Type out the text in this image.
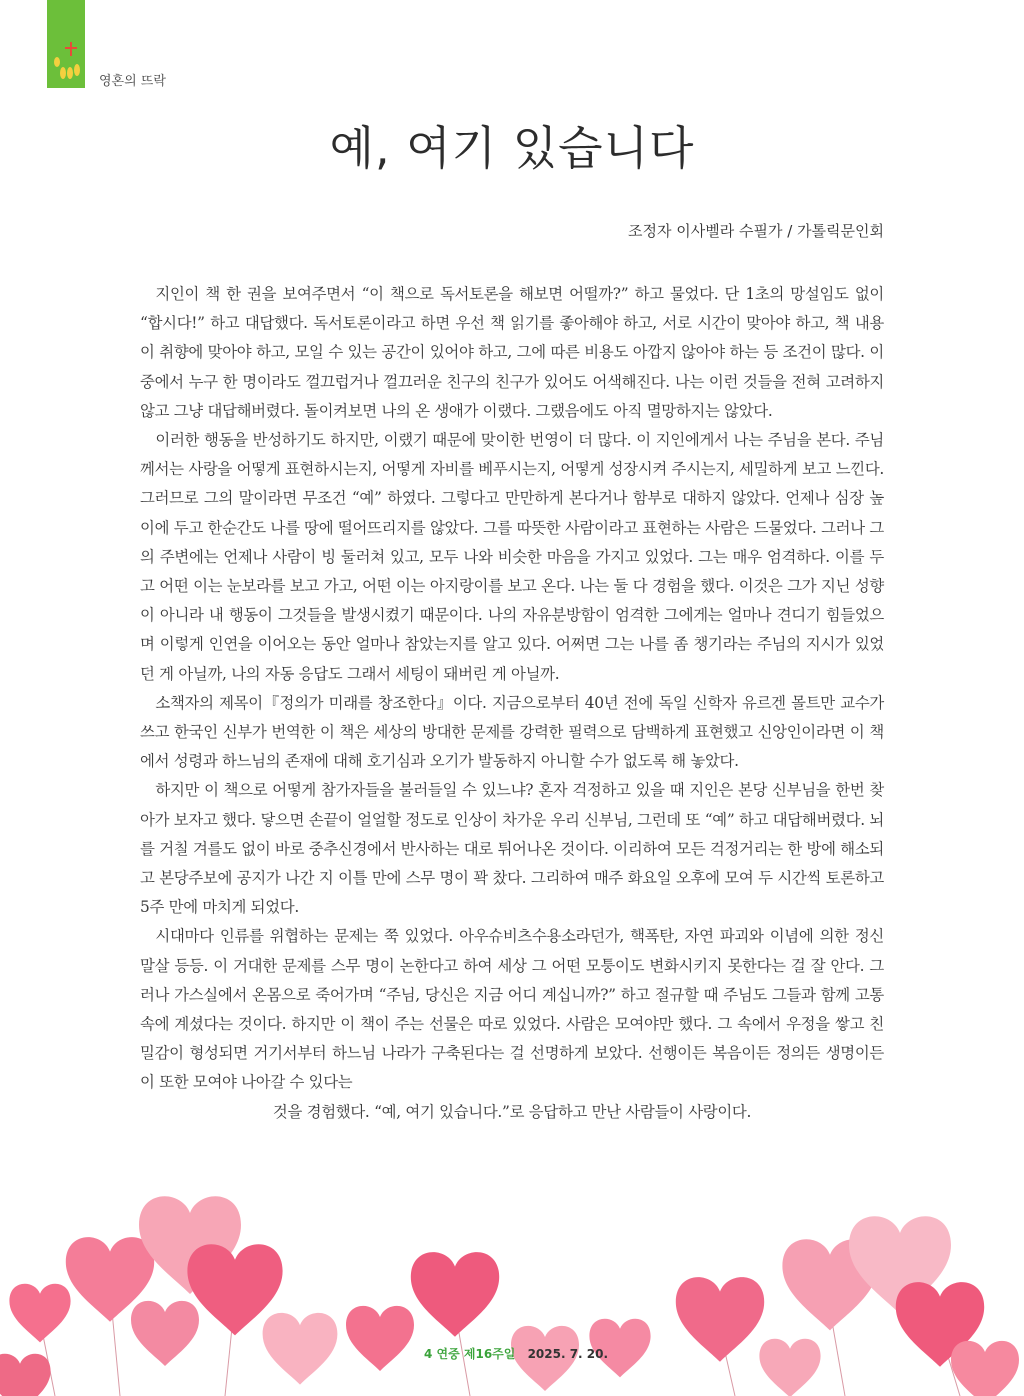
영혼의 뜨락
예, 여기 있습니다
조정자 이사벨라 수필가 / 가톨릭문인회

지인이 책 한 권을 보여주면서 “이 책으로 독서토론을 해보면 어떨까?” 하고 물었다. 단 1초의 망설임도 없이 “합시다!” 하고 대답했다. 독서토론이라고 하면 우선 책 읽기를 좋아해야 하고, 서로 시간이 맞아야 하고, 책 내용이 취향에 맞아야 하고, 모일 수 있는 공간이 있어야 하고, 그에 따른 비용도 아깝지 않아야 하는 등 조건이 많다. 이 중에서 누구 한 명이라도 껄끄럽거나 껄끄러운 친구의 친구가 있어도 어색해진다. 나는 이런 것들을 전혀 고려하지 않고 그냥 대답해버렸다. 돌이켜보면 나의 온 생애가 이랬다. 그랬음에도 아직 멸망하지는 않았다.

이러한 행동을 반성하기도 하지만, 이랬기 때문에 맞이한 번영이 더 많다. 이 지인에게서 나는 주님을 본다. 주님께서는 사랑을 어떻게 표현하시는지, 어떻게 자비를 베푸시는지, 어떻게 성장시켜 주시는지, 세밀하게 보고 느낀다. 그러므로 그의 말이라면 무조건 “예” 하였다. 그렇다고 만만하게 본다거나 함부로 대하지 않았다. 언제나 심장 높이에 두고 한순간도 나를 땅에 떨어뜨리지를 않았다. 그를 따뜻한 사람이라고 표현하는 사람은 드물었다. 그러나 그의 주변에는 언제나 사람이 빙 둘러쳐 있고, 모두 나와 비슷한 마음을 가지고 있었다. 그는 매우 엄격하다. 이를 두고 어떤 이는 눈보라를 보고 가고, 어떤 이는 아지랑이를 보고 온다. 나는 둘 다 경험을 했다. 이것은 그가 지닌 성향이 아니라 내 행동이 그것들을 발생시켰기 때문이다. 나의 자유분방함이 엄격한 그에게는 얼마나 견디기 힘들었으며 이렇게 인연을 이어오는 동안 얼마나 참았는지를 알고 있다. 어쩌면 그는 나를 좀 챙기라는 주님의 지시가 있었던 게 아닐까, 나의 자동 응답도 그래서 세팅이 돼버린 게 아닐까.

소책자의 제목이『정의가 미래를 창조한다』이다. 지금으로부터 40년 전에 독일 신학자 유르겐 몰트만 교수가 쓰고 한국인 신부가 번역한 이 책은 세상의 방대한 문제를 강력한 필력으로 담백하게 표현했고 신앙인이라면 이 책에서 성령과 하느님의 존재에 대해 호기심과 오기가 발동하지 아니할 수가 없도록 해 놓았다.

하지만 이 책으로 어떻게 참가자들을 불러들일 수 있느냐? 혼자 걱정하고 있을 때 지인은 본당 신부님을 한번 찾아가 보자고 했다. 닿으면 손끝이 얼얼할 정도로 인상이 차가운 우리 신부님, 그런데 또 “예” 하고 대답해버렸다. 뇌를 거칠 겨를도 없이 바로 중추신경에서 반사하는 대로 튀어나온 것이다. 이리하여 모든 걱정거리는 한 방에 해소되고 본당주보에 공지가 나간 지 이틀 만에 스무 명이 꽉 찼다. 그리하여 매주 화요일 오후에 모여 두 시간씩 토론하고 5주 만에 마치게 되었다.

시대마다 인류를 위협하는 문제는 쭉 있었다. 아우슈비츠수용소라던가, 핵폭탄, 자연 파괴와 이념에 의한 정신 말살 등등. 이 거대한 문제를 스무 명이 논한다고 하여 세상 그 어떤 모퉁이도 변화시키지 못한다는 걸 잘 안다. 그러나 가스실에서 온몸으로 죽어가며 “주님, 당신은 지금 어디 계십니까?” 하고 절규할 때 주님도 그들과 함께 고통 속에 계셨다는 것이다. 하지만 이 책이 주는 선물은 따로 있었다. 사람은 모여야만 했다. 그 속에서 우정을 쌓고 친밀감이 형성되면 거기서부터 하느님 나라가 구축된다는 걸 선명하게 보았다. 선행이든 복음이든 정의든 생명이든 이 또한 모여야 나아갈 수 있다는

것을 경험했다. “예, 여기 있습니다.”로 응답하고 만난 사람들이 사랑이다.

4 연중 제16주일 2025. 7. 20.
